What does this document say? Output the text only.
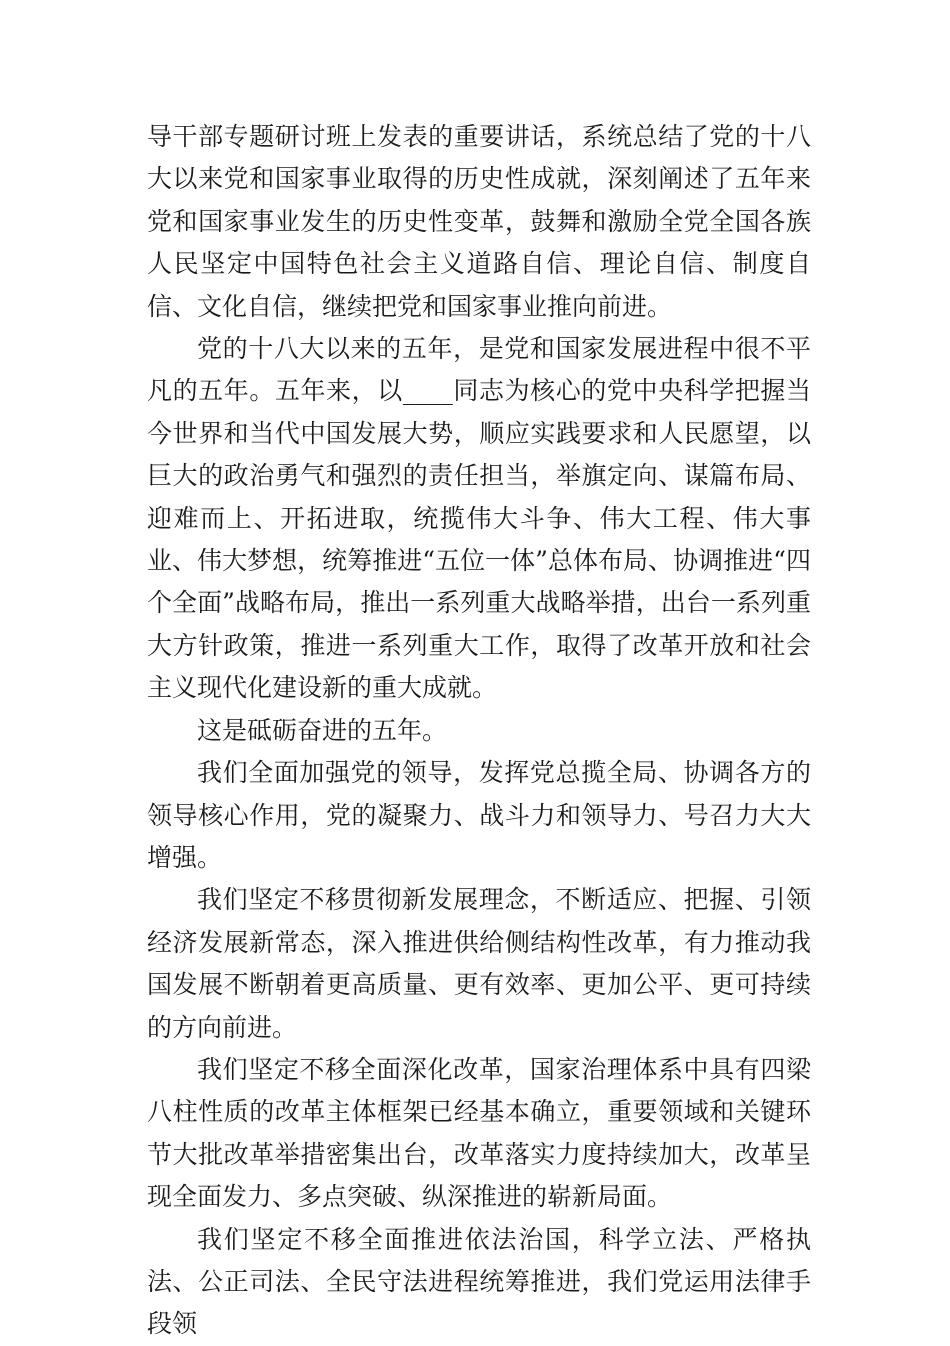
导干部专题研讨班上发表的重要讲话，系统总结了党的十八大以来党和国家事业取得的历史性成就，深刻阐述了五年来党和国家事业发生的历史性变革，鼓舞和激励全党全国各族人民坚定中国特色社会主义道路自信、理论自信、制度自信、文化自信，继续把党和国家事业推向前进。

党的十八大以来的五年，是党和国家发展进程中很不平凡的五年。五年来，以____同志为核心的党中央科学把握当今世界和当代中国发展大势，顺应实践要求和人民愿望，以巨大的政治勇气和强烈的责任担当，举旗定向、谋篇布局、迎难而上、开拓进取，统揽伟大斗争、伟大工程、伟大事业、伟大梦想，统筹推进“五位一体”总体布局、协调推进“四个全面”战略布局，推出一系列重大战略举措，出台一系列重大方针政策，推进一系列重大工作，取得了改革开放和社会主义现代化建设新的重大成就。

这是砥砺奋进的五年。

我们全面加强党的领导，发挥党总揽全局、协调各方的领导核心作用，党的凝聚力、战斗力和领导力、号召力大大增强。

我们坚定不移贯彻新发展理念，不断适应、把握、引领经济发展新常态，深入推进供给侧结构性改革，有力推动我国发展不断朝着更高质量、更有效率、更加公平、更可持续的方向前进。

我们坚定不移全面深化改革，国家治理体系中具有四梁八柱性质的改革主体框架已经基本确立，重要领域和关键环节大批改革举措密集出台，改革落实力度持续加大，改革呈现全面发力、多点突破、纵深推进的崭新局面。

我们坚定不移全面推进依法治国，科学立法、严格执法、公正司法、全民守法进程统筹推进，我们党运用法律手段领
